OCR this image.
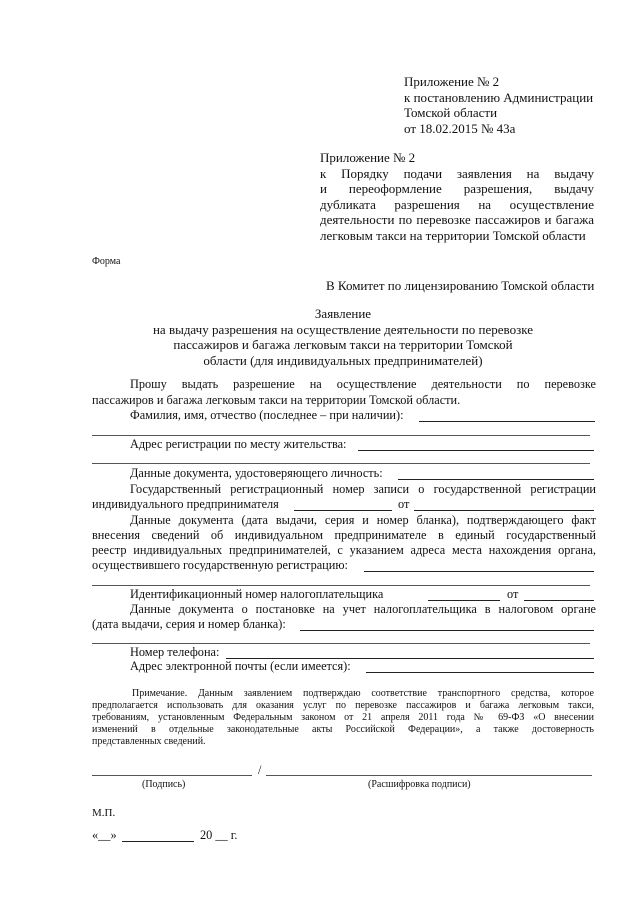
Приложение № 2
к постановлению Администрации
Томской области
от 18.02.2015 № 43а
Приложение № 2
к Порядку подачи заявления на выдачу
и переоформление разрешения, выдачу
дубликата разрешения на осуществление
деятельности по перевозке пассажиров и багажа
легковым такси на территории Томской области
Форма
В Комитет по лицензированию Томской области
Заявление
на выдачу разрешения на осуществление деятельности по перевозке
пассажиров и багажа легковым такси на территории Томской
области (для индивидуальных предпринимателей)
Прошу выдать разрешение на осуществление деятельности по перевозке
пассажиров и багажа легковым такси на территории Томской области.
Фамилия, имя, отчество (последнее – при наличии):
Адрес регистрации по месту жительства:
Данные документа, удостоверяющего личность:
Государственный регистрационный номер записи о государственной регистрации
индивидуального предпринимателя	от
Данные документа (дата выдачи, серия и номер бланка), подтверждающего факт
внесения сведений об индивидуальном предпринимателе в единый государственный
реестр индивидуальных предпринимателей, с указанием адреса места нахождения органа,
осуществившего государственную регистрацию:
Идентификационный номер налогоплательщика	от
Данные документа о постановке на учет налогоплательщика в налоговом органе
(дата выдачи, серия и номер бланка):
Номер телефона:
Адрес электронной почты (если имеется):
Примечание. Данным заявлением подтверждаю соответствие транспортного средства, которое
предполагается использовать для оказания услуг по перевозке пассажиров и багажа легковым такси,
требованиям, установленным Федеральным законом от 21 апреля 2011 года № 69-ФЗ «О внесении
изменений в отдельные законодательные акты Российской Федерации», а также достоверность
представленных сведений.
/
(Подпись)	(Расшифровка подписи)
М.П.
«__»	20 __ г.
